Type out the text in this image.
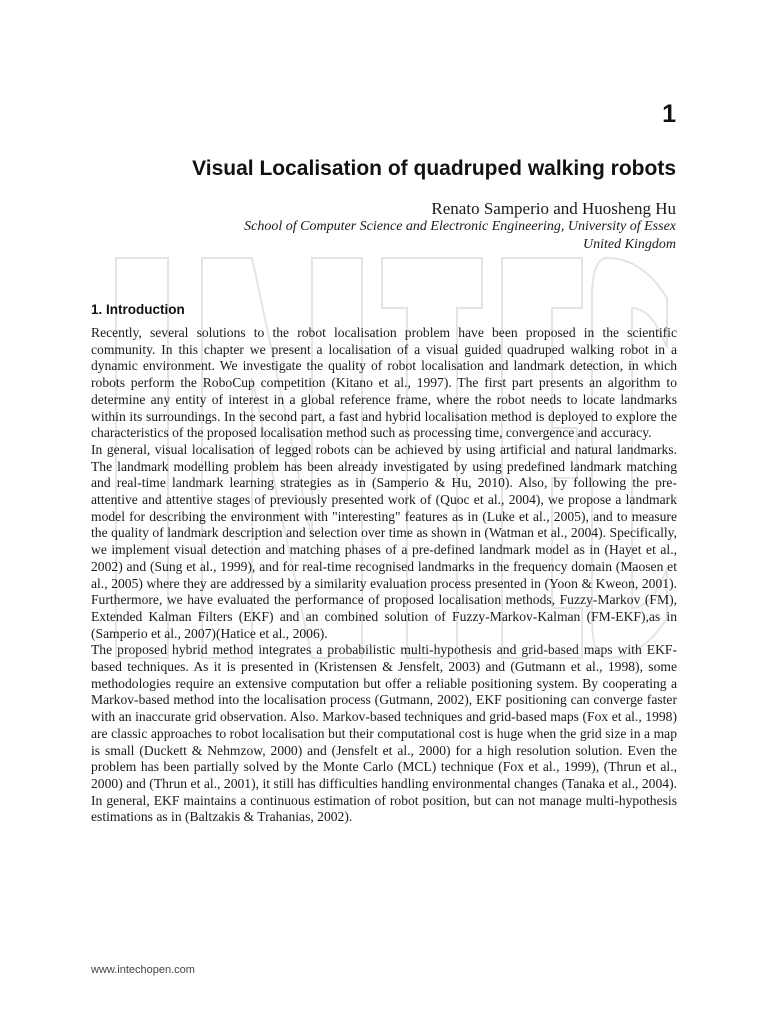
1
Visual Localisation of quadruped walking robots
Renato Samperio and Huosheng Hu
School of Computer Science and Electronic Engineering, University of Essex
United Kingdom
1. Introduction

Recently, several solutions to the robot localisation problem have been proposed in the scientific community. In this chapter we present a localisation of a visual guided quadruped walking robot in a dynamic environment. We investigate the quality of robot localisation and landmark detection, in which robots perform the RoboCup competition (Kitano et al., 1997). The first part presents an algorithm to determine any entity of interest in a global reference frame, where the robot needs to locate landmarks within its surroundings. In the second part, a fast and hybrid localisation method is deployed to explore the characteristics of the proposed localisation method such as processing time, convergence and accuracy.

In general, visual localisation of legged robots can be achieved by using artificial and natural landmarks. The landmark modelling problem has been already investigated by using predefined landmark matching and real-time landmark learning strategies as in (Samperio & Hu, 2010). Also, by following the pre-attentive and attentive stages of previously presented work of (Quoc et al., 2004), we propose a landmark model for describing the environment with "interesting" features as in (Luke et al., 2005), and to measure the quality of landmark description and selection over time as shown in (Watman et al., 2004). Specifically, we implement visual detection and matching phases of a pre-defined landmark model as in (Hayet et al., 2002) and (Sung et al., 1999), and for real-time recognised landmarks in the frequency domain (Maosen et al., 2005) where they are addressed by a similarity evaluation process presented in (Yoon & Kweon, 2001). Furthermore, we have evaluated the performance of proposed localisation methods, Fuzzy-Markov (FM), Extended Kalman Filters (EKF) and an combined solution of Fuzzy-Markov-Kalman (FM-EKF),as in (Samperio et al., 2007)(Hatice et al., 2006).

The proposed hybrid method integrates a probabilistic multi-hypothesis and grid-based maps with EKF-based techniques. As it is presented in (Kristensen & Jensfelt, 2003) and (Gutmann et al., 1998), some methodologies require an extensive computation but offer a reliable positioning system. By cooperating a Markov-based method into the localisation process (Gutmann, 2002), EKF positioning can converge faster with an inaccurate grid observation. Also. Markov-based techniques and grid-based maps (Fox et al., 1998) are classic approaches to robot localisation but their computational cost is huge when the grid size in a map is small (Duckett & Nehmzow, 2000) and (Jensfelt et al., 2000) for a high resolution solution. Even the problem has been partially solved by the Monte Carlo (MCL) technique (Fox et al., 1999), (Thrun et al., 2000) and (Thrun et al., 2001), it still has difficulties handling environmental changes (Tanaka et al., 2004). In general, EKF maintains a continuous estimation of robot position, but can not manage multi-hypothesis estimations as in (Baltzakis & Trahanias, 2002).

www.intechopen.com
